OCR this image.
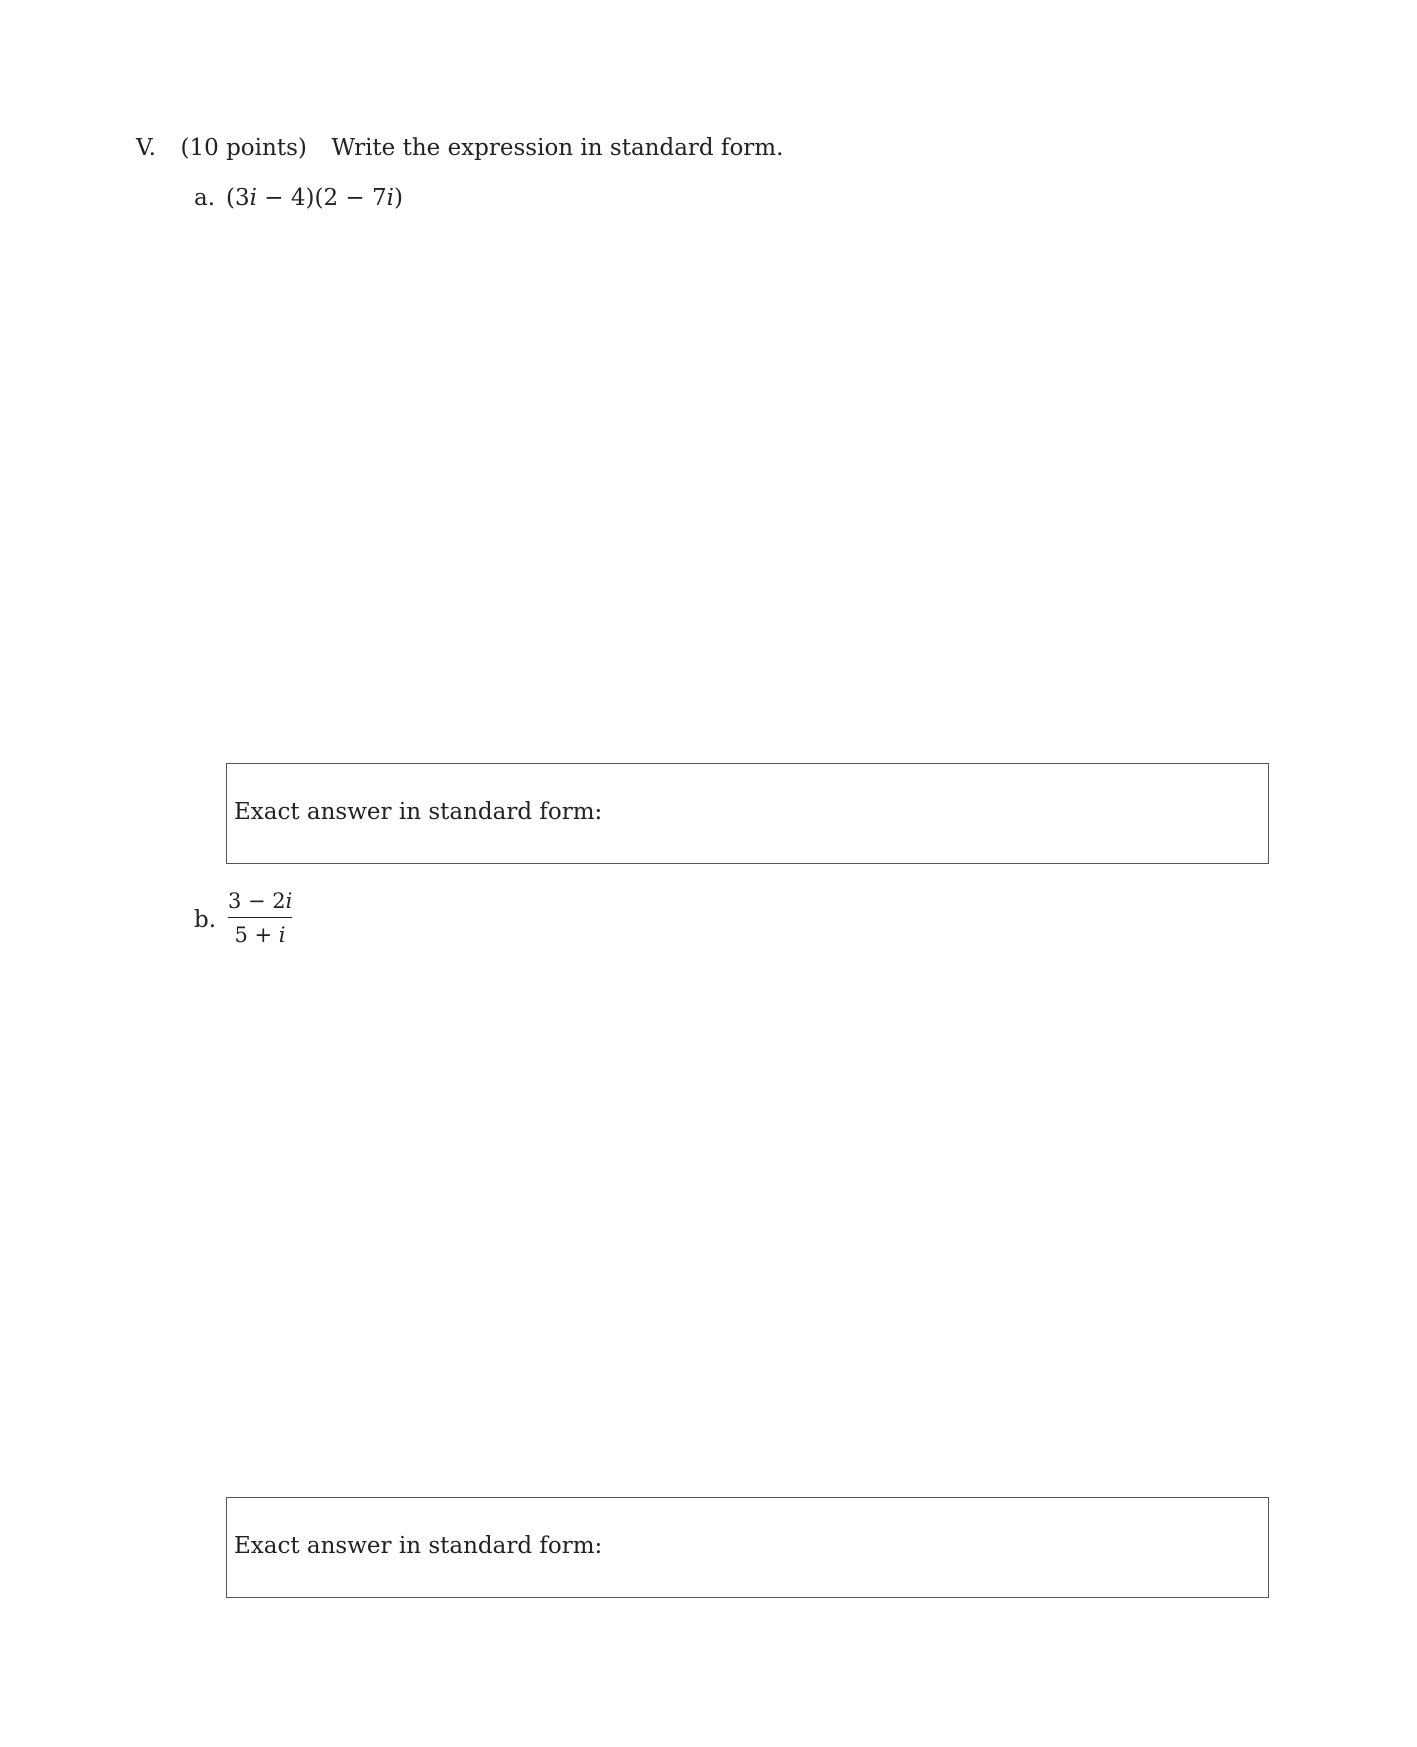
V. (10 points) Write the expression in standard form.
a. (3i − 4)(2 − 7i)
Exact answer in standard form:
b. $\frac{3 - 2i}{5 + i}$
Exact answer in standard form:
